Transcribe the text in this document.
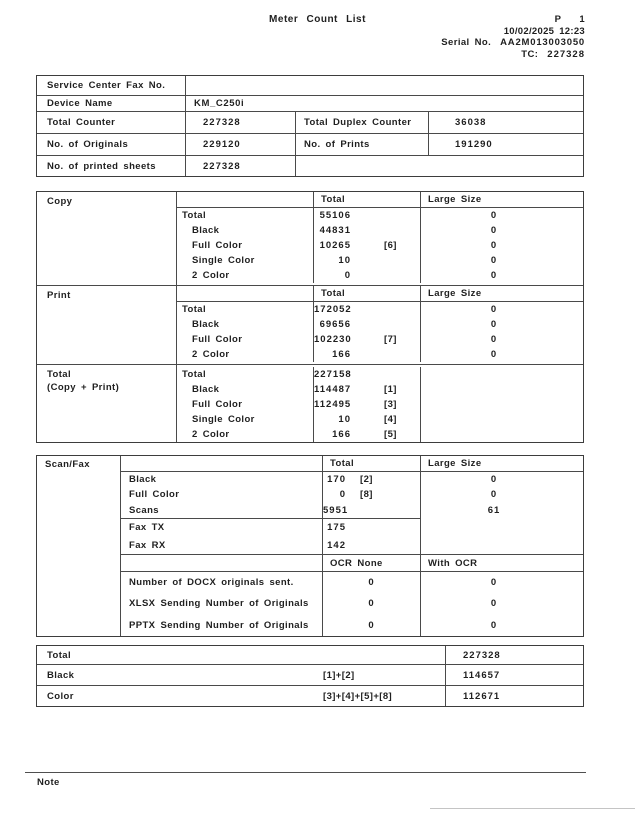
Meter Count List	P 1
10/02/2025 12:23
Serial No. AA2M013003050
TC: 227328
Service Center Fax No.
Device Name	KM_C250i
Total Counter	227328	Total Duplex Counter	36038
No. of Originals	229120	No. of Prints	191290
No. of printed sheets	227328
Copy	Total	Large Size
Total	55106	0
Black	44831	0
Full Color	10265	[6]	0
Single Color	10	0
2 Color	0	0
Print	Total	Large Size
Total	172052	0
Black	69656	0
Full Color	102230	[7]	0
2 Color	166	0
Total
(Copy + Print)
Total	227158
Black	114487	[1]
Full Color	112495	[3]
Single Color	10	[4]
2 Color	166	[5]
Scan/Fax	Total	Large Size
Black	170 [2]	0
Full Color	0 [8]	0
Scans	5951	61
Fax TX	175
Fax RX	142
OCR None	With OCR
Number of DOCX originals sent.	0	0
XLSX Sending Number of Originals	0	0
PPTX Sending Number of Originals	0	0
Total	227328
Black	[1]+[2]	114657
Color	[3]+[4]+[5]+[8]	112671
Note
